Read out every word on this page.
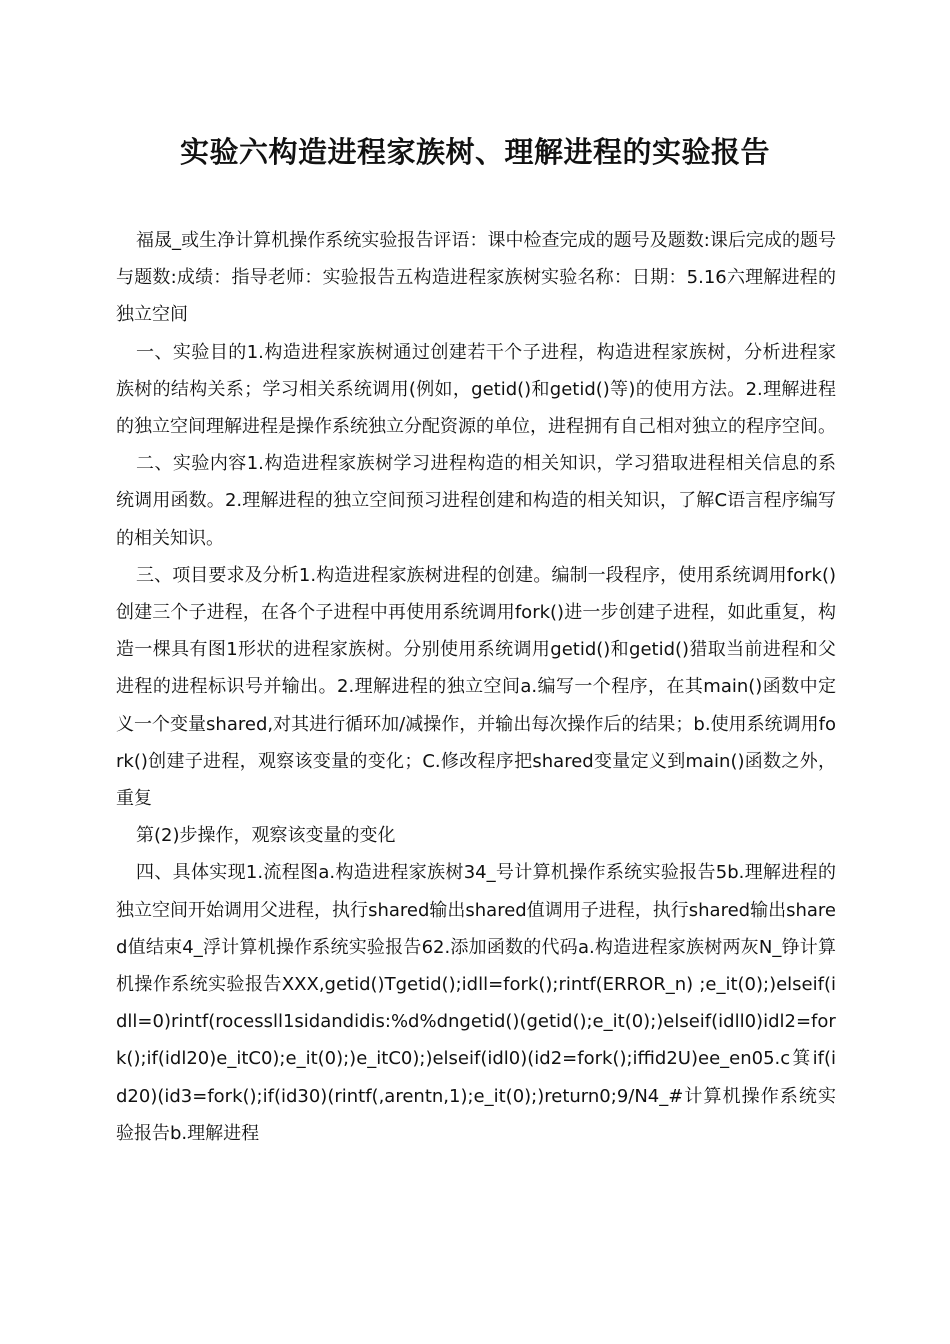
实验六构造进程家族树、理解进程的实验报告

福晟_或生净计算机操作系统实验报告评语：课中检查完成的题号及题数:课后完成的题号与题数:成绩：指导老师：实验报告五构造进程家族树实验名称：日期：5.16六理解进程的独立空间

一、实验目的1.构造进程家族树通过创建若干个子进程，构造进程家族树，分析进程家族树的结构关系；学习相关系统调用(例如，getid()和getid()等)的使用方法。2.理解进程的独立空间理解进程是操作系统独立分配资源的单位，进程拥有自己相对独立的程序空间。

二、实验内容1.构造进程家族树学习进程构造的相关知识，学习猎取进程相关信息的系统调用函数。2.理解进程的独立空间预习进程创建和构造的相关知识，了解C语言程序编写的相关知识。

三、项目要求及分析1.构造进程家族树进程的创建。编制一段程序，使用系统调用fork()创建三个子进程，在各个子进程中再使用系统调用fork()进一步创建子进程，如此重复，构造一棵具有图1形状的进程家族树。分别使用系统调用getid()和getid()猎取当前进程和父进程的进程标识号并输出。2.理解进程的独立空间a.编写一个程序，在其main()函数中定义一个变量shared,对其进行循环加/减操作，并输出每次操作后的结果；b.使用系统调用fork()创建子进程，观察该变量的变化；C.修改程序把shared变量定义到main()函数之外，重复

第(2)步操作，观察该变量的变化

四、具体实现1.流程图a.构造进程家族树34_号计算机操作系统实验报告5b.理解进程的独立空间开始调用父进程，执行shared输出shared值调用子进程，执行shared输出shared值结束4_浮计算机操作系统实验报告62.添加函数的代码a.构造进程家族树两灰N_铮计算机操作系统实验报告XXX,getid()Tgetid();idll=fork();rintf(ERROR_n) ;e_it(0);)elseif(idll=0)rintf(rocessll1sidandidis:%d%dngetid()(getid();e_it(0);)elseif(idll0)idl2=fork();if(idl20)e_itC0);e_it(0);)e_itC0);)elseif(idl0)(id2=fork();iffid2U)ee_en05.c箕if(id20)(id3=fork();if(id30)(rintf(,arentn,1);e_it(0);)return0;9/N4_#计算机操作系统实验报告b.理解进程
